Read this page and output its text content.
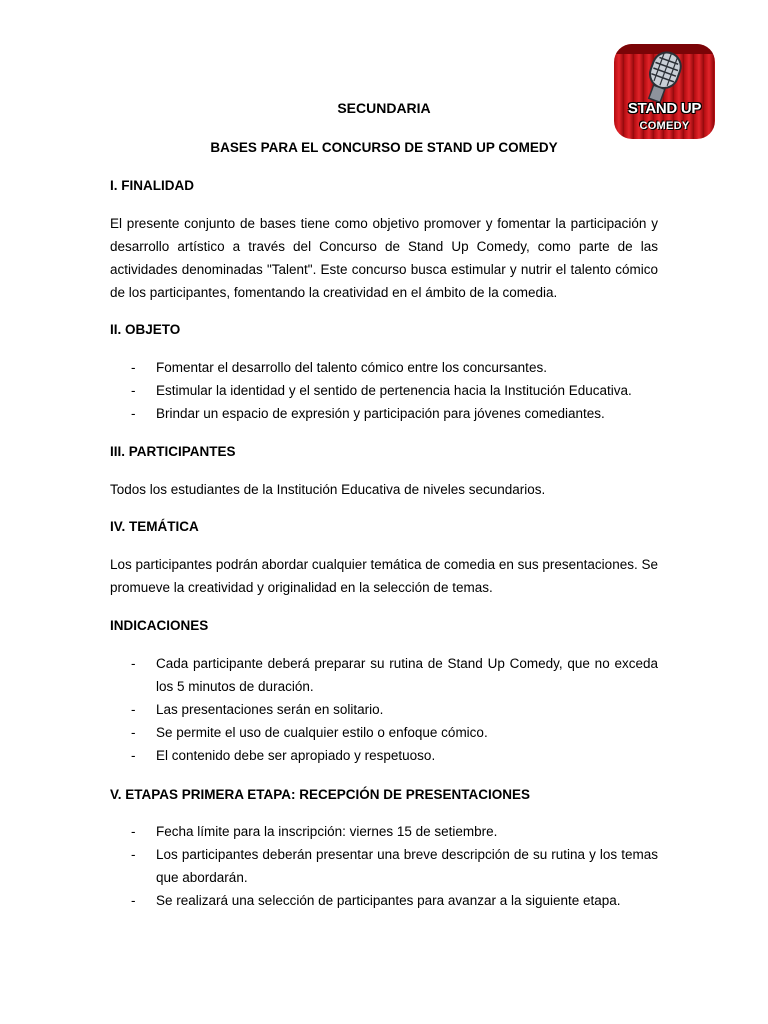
STAND UP
COMEDY
SECUNDARIA
BASES PARA EL CONCURSO DE STAND UP COMEDY
I. FINALIDAD
El presente conjunto de bases tiene como objetivo promover y fomentar la participación y desarrollo artístico a través del Concurso de Stand Up Comedy, como parte de las actividades denominadas "Talent". Este concurso busca estimular y nutrir el talento cómico de los participantes, fomentando la creatividad en el ámbito de la comedia.
II. OBJETO
- Fomentar el desarrollo del talento cómico entre los concursantes.
- Estimular la identidad y el sentido de pertenencia hacia la Institución Educativa.
- Brindar un espacio de expresión y participación para jóvenes comediantes.
III. PARTICIPANTES
Todos los estudiantes de la Institución Educativa de niveles secundarios.
IV. TEMÁTICA
Los participantes podrán abordar cualquier temática de comedia en sus presentaciones. Se promueve la creatividad y originalidad en la selección de temas.
INDICACIONES
- Cada participante deberá preparar su rutina de Stand Up Comedy, que no exceda los 5 minutos de duración.
- Las presentaciones serán en solitario.
- Se permite el uso de cualquier estilo o enfoque cómico.
- El contenido debe ser apropiado y respetuoso.
V. ETAPAS PRIMERA ETAPA: RECEPCIÓN DE PRESENTACIONES
- Fecha límite para la inscripción: viernes 15 de setiembre.
- Los participantes deberán presentar una breve descripción de su rutina y los temas que abordarán.
- Se realizará una selección de participantes para avanzar a la siguiente etapa.
